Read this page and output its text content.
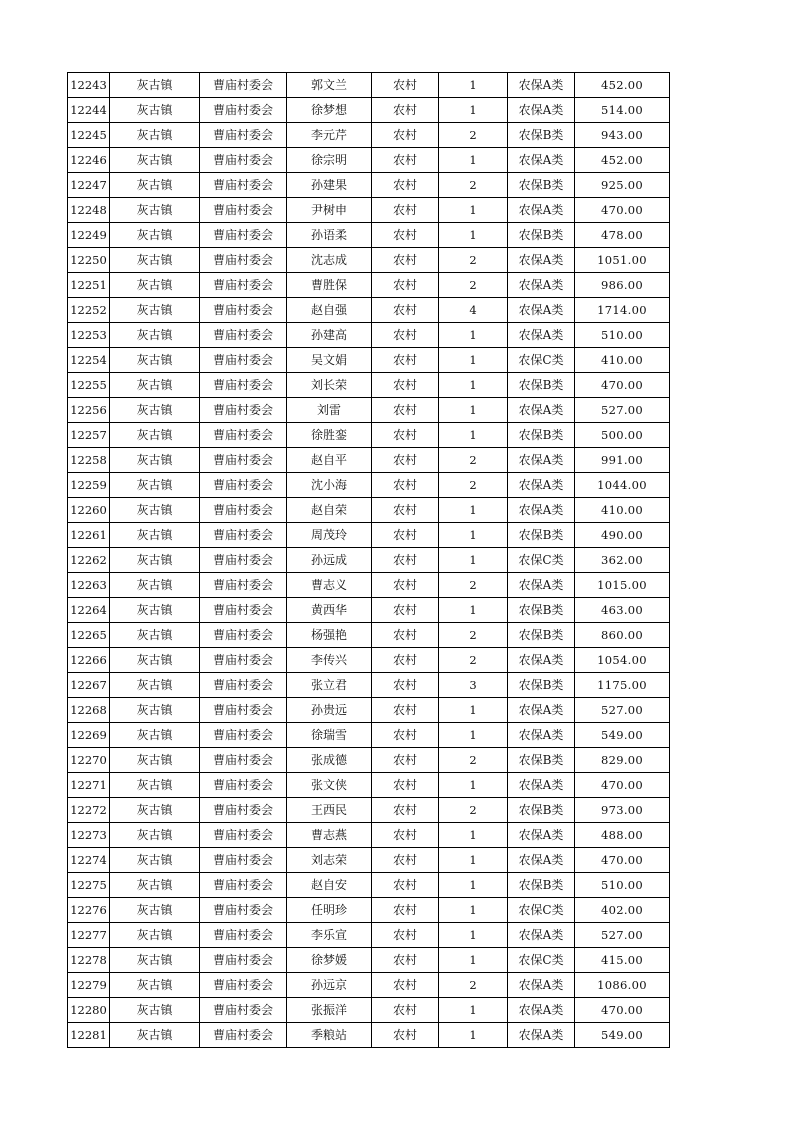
12243	灰古镇	曹庙村委会	郭文兰	农村	1	农保A类	452.00
12244	灰古镇	曹庙村委会	徐梦想	农村	1	农保A类	514.00
12245	灰古镇	曹庙村委会	李元芹	农村	2	农保B类	943.00
12246	灰古镇	曹庙村委会	徐宗明	农村	1	农保A类	452.00
12247	灰古镇	曹庙村委会	孙建果	农村	2	农保B类	925.00
12248	灰古镇	曹庙村委会	尹树申	农村	1	农保A类	470.00
12249	灰古镇	曹庙村委会	孙语柔	农村	1	农保B类	478.00
12250	灰古镇	曹庙村委会	沈志成	农村	2	农保A类	1051.00
12251	灰古镇	曹庙村委会	曹胜保	农村	2	农保A类	986.00
12252	灰古镇	曹庙村委会	赵自强	农村	4	农保A类	1714.00
12253	灰古镇	曹庙村委会	孙建高	农村	1	农保A类	510.00
12254	灰古镇	曹庙村委会	吴文娟	农村	1	农保C类	410.00
12255	灰古镇	曹庙村委会	刘长荣	农村	1	农保B类	470.00
12256	灰古镇	曹庙村委会	刘雷	农村	1	农保A类	527.00
12257	灰古镇	曹庙村委会	徐胜銮	农村	1	农保B类	500.00
12258	灰古镇	曹庙村委会	赵自平	农村	2	农保A类	991.00
12259	灰古镇	曹庙村委会	沈小海	农村	2	农保A类	1044.00
12260	灰古镇	曹庙村委会	赵自荣	农村	1	农保A类	410.00
12261	灰古镇	曹庙村委会	周茂玲	农村	1	农保B类	490.00
12262	灰古镇	曹庙村委会	孙远成	农村	1	农保C类	362.00
12263	灰古镇	曹庙村委会	曹志义	农村	2	农保A类	1015.00
12264	灰古镇	曹庙村委会	黄西华	农村	1	农保B类	463.00
12265	灰古镇	曹庙村委会	杨强艳	农村	2	农保B类	860.00
12266	灰古镇	曹庙村委会	李传兴	农村	2	农保A类	1054.00
12267	灰古镇	曹庙村委会	张立君	农村	3	农保B类	1175.00
12268	灰古镇	曹庙村委会	孙贵远	农村	1	农保A类	527.00
12269	灰古镇	曹庙村委会	徐瑞雪	农村	1	农保A类	549.00
12270	灰古镇	曹庙村委会	张成德	农村	2	农保B类	829.00
12271	灰古镇	曹庙村委会	张文侠	农村	1	农保A类	470.00
12272	灰古镇	曹庙村委会	王西民	农村	2	农保B类	973.00
12273	灰古镇	曹庙村委会	曹志燕	农村	1	农保A类	488.00
12274	灰古镇	曹庙村委会	刘志荣	农村	1	农保A类	470.00
12275	灰古镇	曹庙村委会	赵自安	农村	1	农保B类	510.00
12276	灰古镇	曹庙村委会	任明珍	农村	1	农保C类	402.00
12277	灰古镇	曹庙村委会	李乐宣	农村	1	农保A类	527.00
12278	灰古镇	曹庙村委会	徐梦媛	农村	1	农保C类	415.00
12279	灰古镇	曹庙村委会	孙远京	农村	2	农保A类	1086.00
12280	灰古镇	曹庙村委会	张振洋	农村	1	农保A类	470.00
12281	灰古镇	曹庙村委会	季粮站	农村	1	农保A类	549.00
